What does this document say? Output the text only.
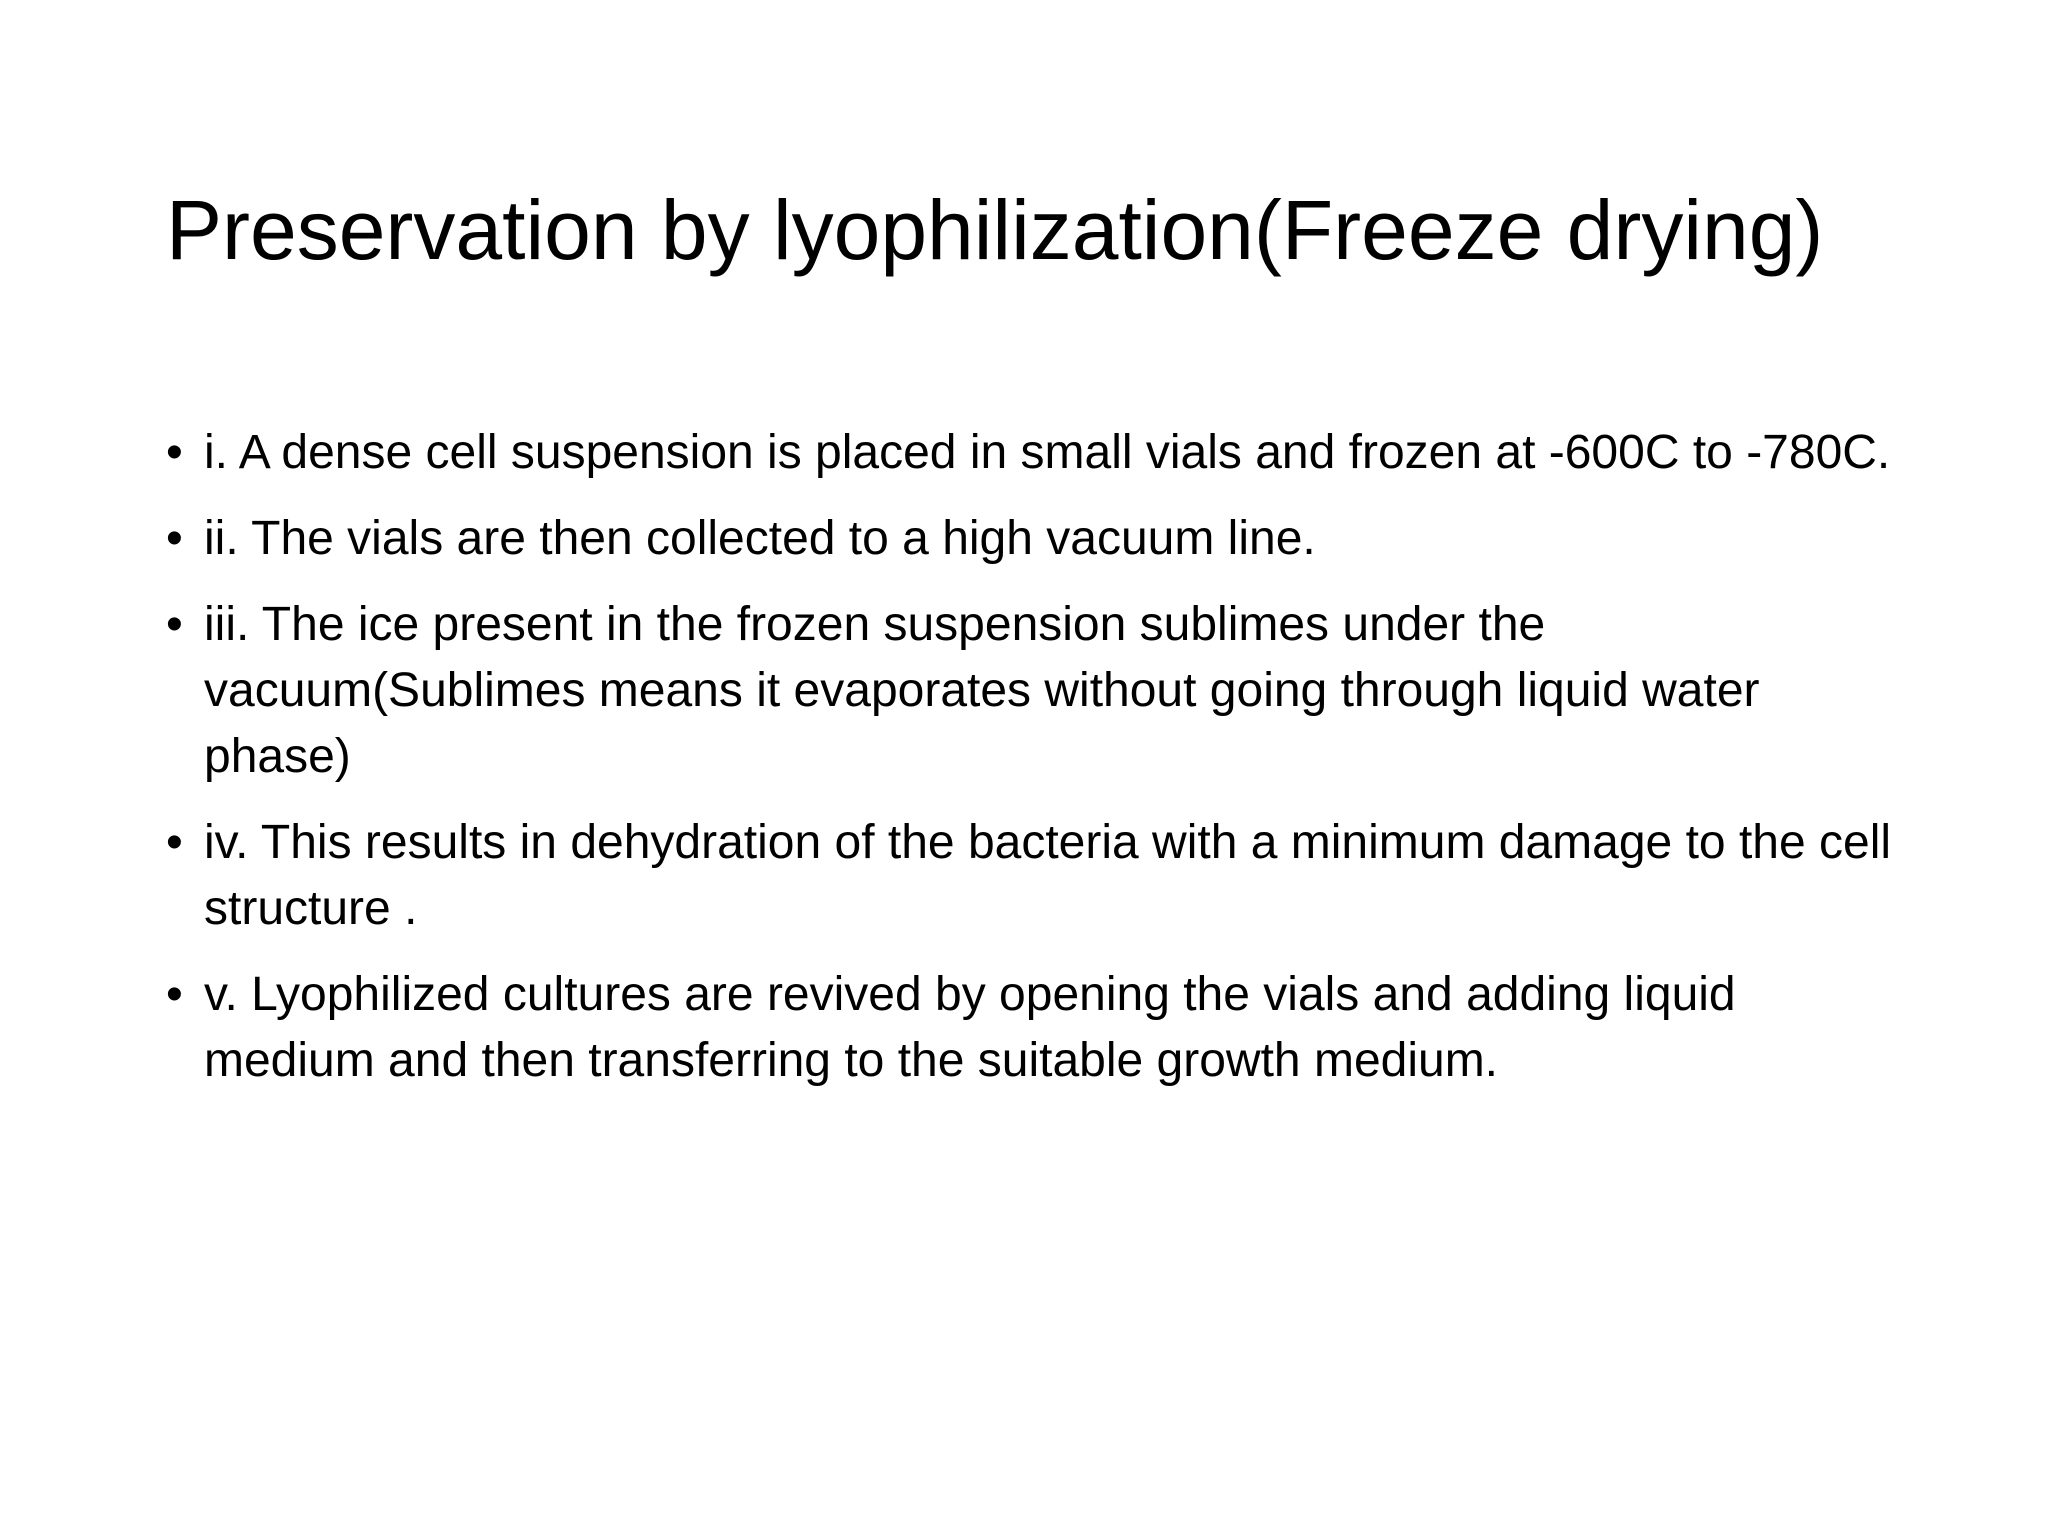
Preservation by lyophilization(Freeze drying)
• i. A dense cell suspension is placed in small vials and frozen at -600C to -780C.
• ii. The vials are then collected to a high vacuum line.
• iii. The ice present in the frozen suspension sublimes under the vacuum(Sublimes means it evaporates without going through liquid water phase)
• iv. This results in dehydration of the bacteria with a minimum damage to the cell structure .
• v. Lyophilized cultures are revived by opening the vials and adding liquid medium and then transferring to the suitable growth medium.
